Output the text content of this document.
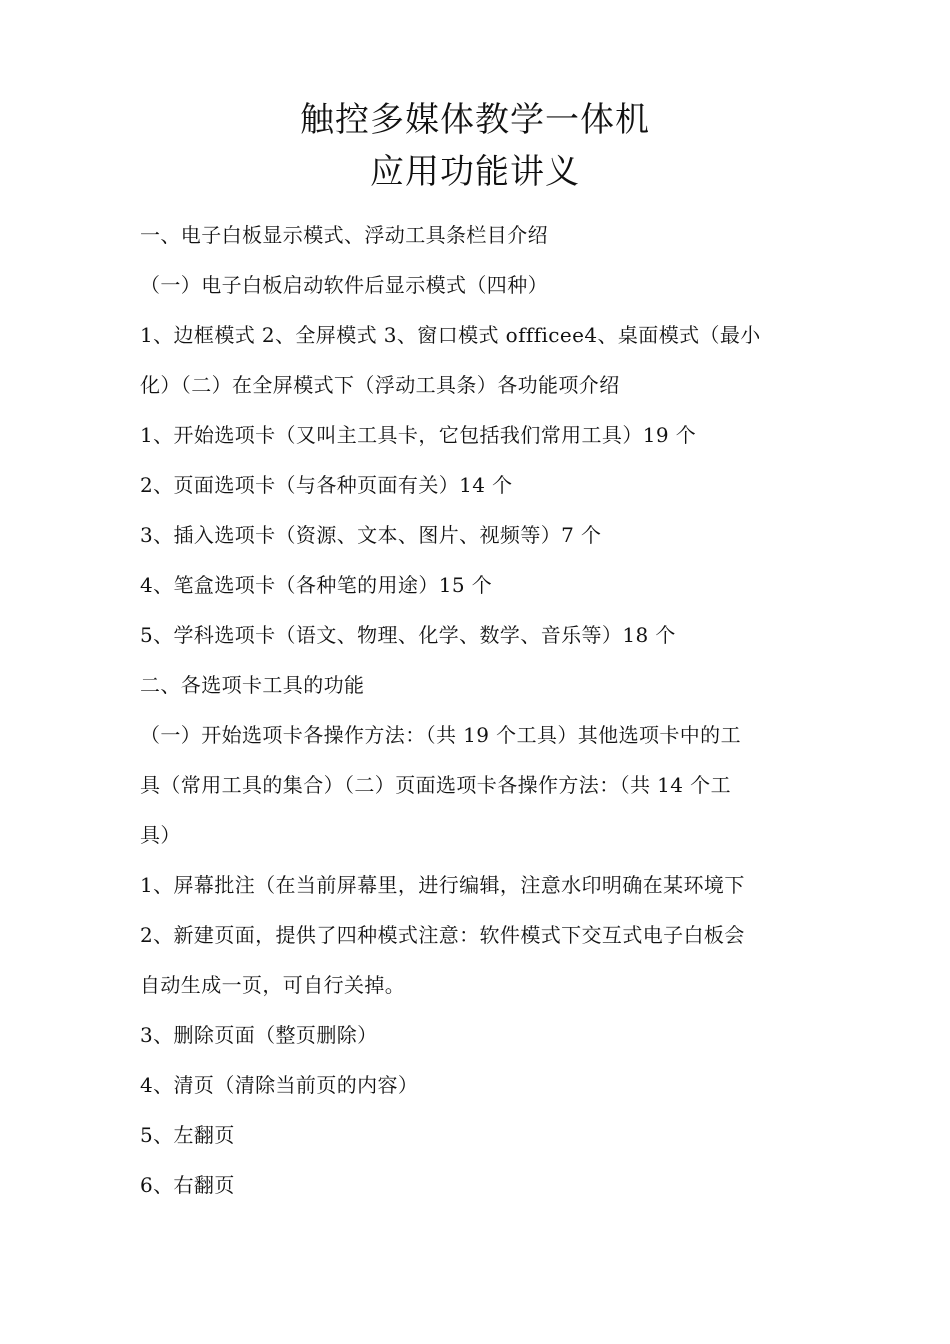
触控多媒体教学一体机
应用功能讲义
一、电子白板显示模式、浮动工具条栏目介绍
（一）电子白板启动软件后显示模式（四种）
1、边框模式 2、全屏模式 3、窗口模式 offficee4、桌面模式（最小
化）（二）在全屏模式下（浮动工具条）各功能项介绍
1、开始选项卡（又叫主工具卡，它包括我们常用工具）19 个
2、页面选项卡（与各种页面有关）14 个
3、插入选项卡（资源、文本、图片、视频等）7 个
4、笔盒选项卡（各种笔的用途）15 个
5、学科选项卡（语文、物理、化学、数学、音乐等）18 个
二、各选项卡工具的功能
（一）开始选项卡各操作方法：（共 19 个工具）其他选项卡中的工
具（常用工具的集合）（二）页面选项卡各操作方法：（共 14 个工
具）
1、屏幕批注（在当前屏幕里，进行编辑，注意水印明确在某环境下
2、新建页面，提供了四种模式注意：软件模式下交互式电子白板会
自动生成一页，可自行关掉。
3、删除页面（整页删除）
4、清页（清除当前页的内容）
5、左翻页
6、右翻页
